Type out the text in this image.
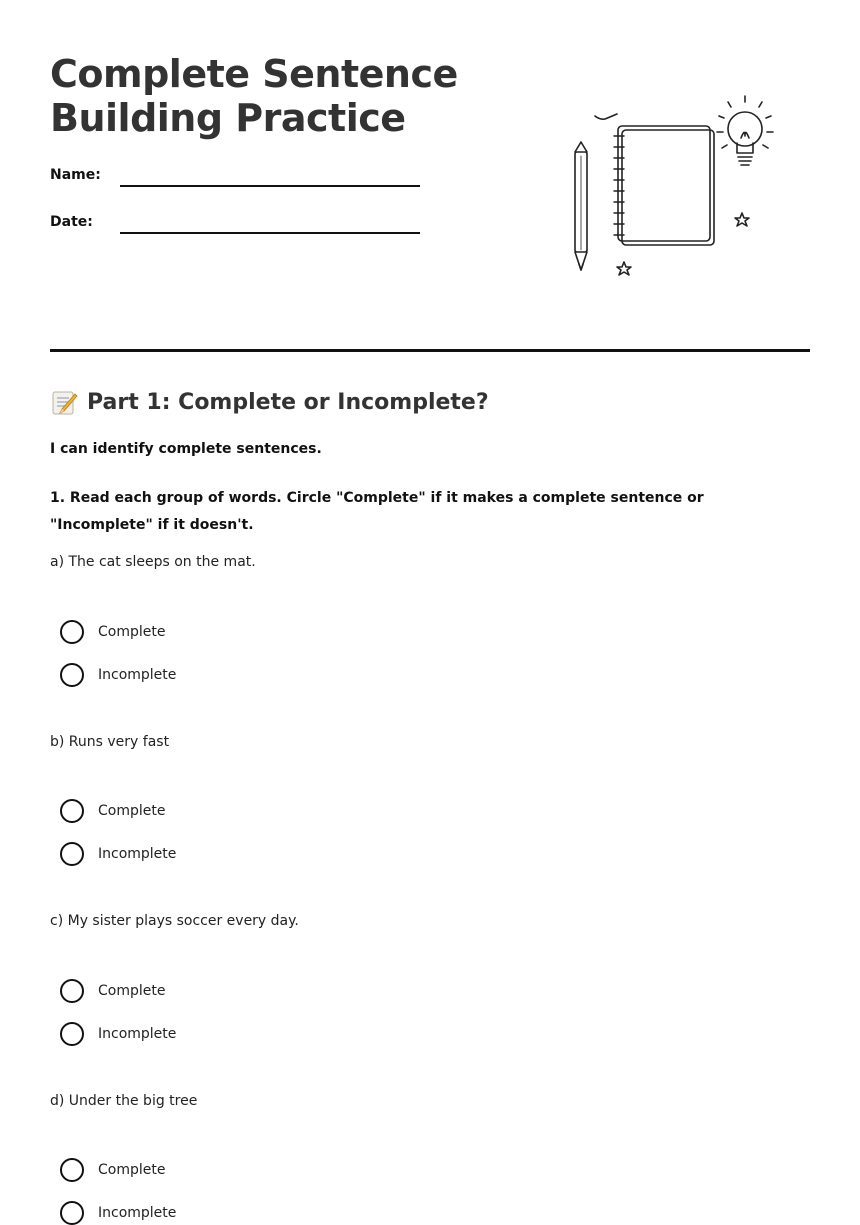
Complete Sentence
Building Practice
Name:
Date:
Part 1: Complete or Incomplete?
I can identify complete sentences.
1. Read each group of words. Circle "Complete" if it makes a complete sentence or "Incomplete" if it doesn't.
a) The cat sleeps on the mat.
Complete
Incomplete
b) Runs very fast
Complete
Incomplete
c) My sister plays soccer every day.
Complete
Incomplete
d) Under the big tree
Complete
Incomplete
